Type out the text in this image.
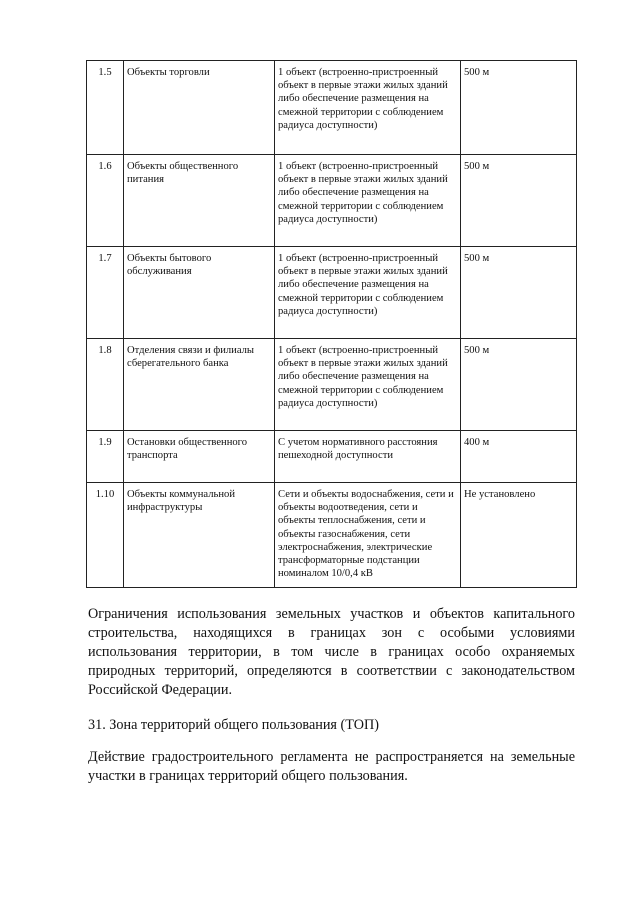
1.5	Объекты торговли	1 объект (встроенно-пристроенный объект в первые этажи жилых зданий либо обеспечение размещения на смежной территории с соблюдением радиуса доступности)	500 м
1.6	Объекты общественного питания	1 объект (встроенно-пристроенный объект в первые этажи жилых зданий либо обеспечение размещения на смежной территории с соблюдением радиуса доступности)	500 м
1.7	Объекты бытового обслуживания	1 объект (встроенно-пристроенный объект в первые этажи жилых зданий либо обеспечение размещения на смежной территории с соблюдением радиуса доступности)	500 м
1.8	Отделения связи и филиалы сберегательного банка	1 объект (встроенно-пристроенный объект в первые этажи жилых зданий либо обеспечение размещения на смежной территории с соблюдением радиуса доступности)	500 м
1.9	Остановки общественного транспорта	С учетом нормативного расстояния пешеходной доступности	400 м
1.10	Объекты коммунальной инфраструктуры	Сети и объекты водоснабжения, сети и объекты водоотведения, сети и объекты теплоснабжения, сети и объекты газоснабжения, сети электроснабжения, электрические трансформаторные подстанции номиналом 10/0,4 кВ	Не установлено

Ограничения использования земельных участков и объектов капитального строительства, находящихся в границах зон с особыми условиями использования территории, в том числе в границах особо охраняемых природных территорий, определяются в соответствии с законодательством Российской Федерации.

31. Зона территорий общего пользования (ТОП)

Действие градостроительного регламента не распространяется на земельные участки в границах территорий общего пользования.
